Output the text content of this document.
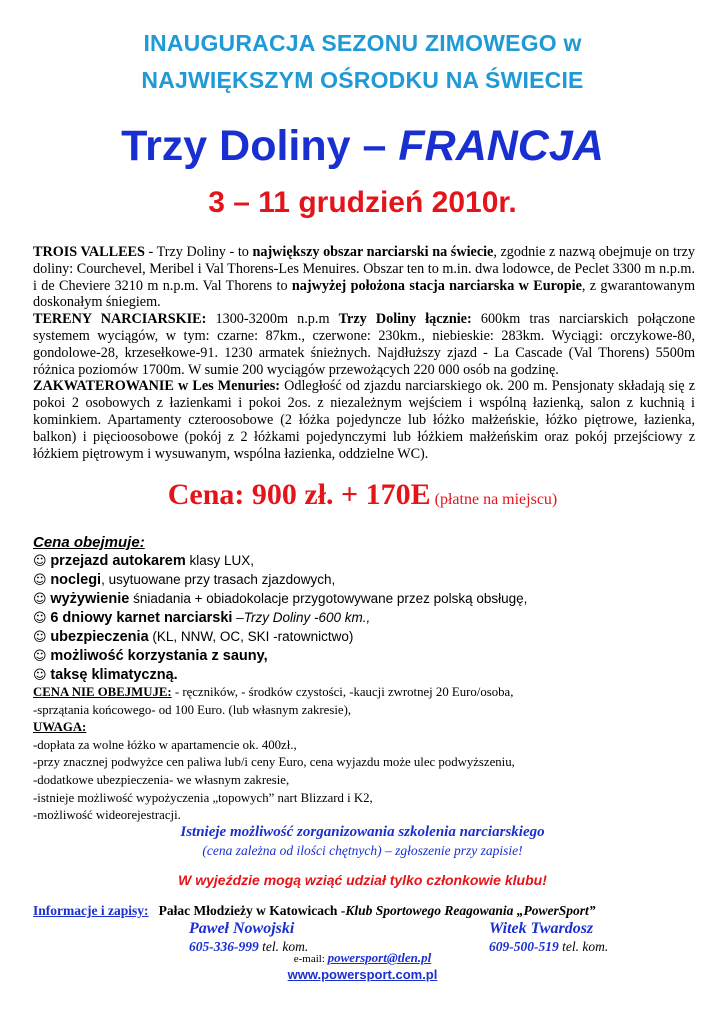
INAUGURACJA SEZONU ZIMOWEGO w
NAJWIĘKSZYM OŚRODKU NA ŚWIECIE
Trzy Doliny – FRANCJA
3 – 11 grudzień 2010r.

TROIS VALLEES - Trzy Doliny - to największy obszar narciarski na świecie, zgodnie z nazwą obejmuje on trzy doliny: Courchevel, Meribel i Val Thorens-Les Menuires. Obszar ten to m.in. dwa lodowce, de Peclet 3300 m n.p.m. i de Cheviere 3210 m n.p.m. Val Thorens to najwyżej położona stacja narciarska w Europie, z gwarantowanym doskonałym śniegiem.

TERENY NARCIARSKIE: 1300-3200m n.p.m Trzy Doliny łącznie: 600km tras narciarskich połączone systemem wyciągów, w tym: czarne: 87km., czerwone: 230km., niebieskie: 283km. Wyciągi: orczykowe-80, gondolowe-28, krzesełkowe-91. 1230 armatek śnieżnych. Najdłuższy zjazd - La Cascade (Val Thorens) 5500m różnica poziomów 1700m. W sumie 200 wyciągów przewożących 220 000 osób na godzinę.

ZAKWATEROWANIE w Les Menuries: Odległość od zjazdu narciarskiego ok. 200 m. Pensjonaty składają się z pokoi 2 osobowych z łazienkami i pokoi 2os. z niezależnym wejściem i wspólną łazienką, salon z kuchnią i kominkiem. Apartamenty czteroosobowe (2 łóżka pojedyncze lub łóżko małżeńskie, łóżko piętrowe, łazienka, balkon) i pięcioosobowe (pokój z 2 łóżkami pojedynczymi lub łóżkiem małżeńskim oraz pokój przejściowy z łóżkiem piętrowym i wysuwanym, wspólna łazienka, oddzielne WC).

Cena: 900 zł. + 170E (płatne na miejscu)
Cena obejmuje:
☺ przejazd autokarem klasy LUX,
☺ noclegi, usytuowane przy trasach zjazdowych,
☺ wyżywienie śniadania + obiadokolacje przygotowywane przez polską obsługę,
☺ 6 dniowy karnet narciarski –Trzy Doliny -600 km.,
☺ ubezpieczenia (KL, NNW, OC, SKI -ratownictwo)
☺ możliwość korzystania z sauny,
☺ taksę klimatyczną.
CENA NIE OBEJMUJE: - ręczników, - środków czystości, -kaucji zwrotnej 20 Euro/osoba,
-sprzątania końcowego- od 100 Euro. (lub własnym zakresie),
UWAGA:
-dopłata za wolne łóżko w apartamencie ok. 400zł.,
-przy znacznej podwyżce cen paliwa lub/i ceny Euro, cena wyjazdu może ulec podwyższeniu,
-dodatkowe ubezpieczenia- we własnym zakresie,
-istnieje możliwość wypożyczenia „topowych” nart Blizzard i K2,
-możliwość wideorejestracji.
Istnieje możliwość zorganizowania szkolenia narciarskiego
(cena zależna od ilości chętnych) – zgłoszenie przy zapisie!
W wyjeździe mogą wziąć udział tylko członkowie klubu!
Informacje i zapisy: Pałac Młodzieży w Katowicach -Klub Sportowego Reagowania „PowerSport”
Paweł Nowojski
605-336-999 tel. kom.
Witek Twardosz
609-500-519 tel. kom.
e-mail: powersport@tlen.pl
www.powersport.com.pl
